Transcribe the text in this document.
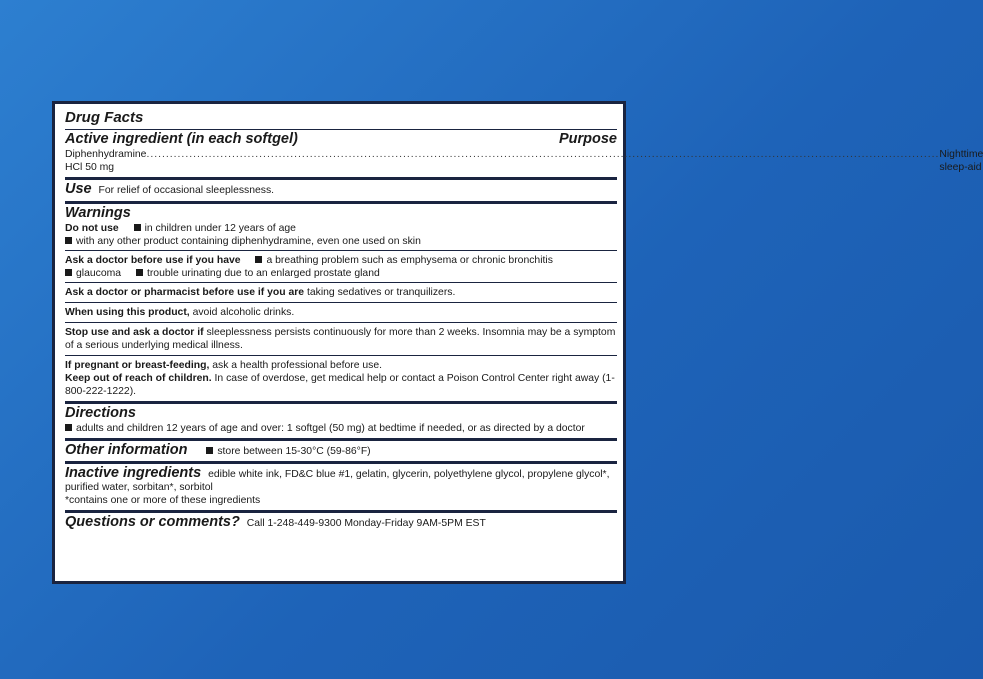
Drug Facts
Active ingredient (in each softgel)	Purpose
Diphenhydramine HCl 50 mg
............................................................................................................................................................................................................ Nighttime sleep-aid
Use For relief of occasional sleeplessness.
Warnings
Do not use in children under 12 years of age
with any other product containing diphenhydramine, even one used on skin
Ask a doctor before use if you have a breathing problem such as emphysema or chronic bronchitis
glaucoma trouble urinating due to an enlarged prostate gland
Ask a doctor or pharmacist before use if you are taking sedatives or tranquilizers.
When using this product, avoid alcoholic drinks.
Stop use and ask a doctor if sleeplessness persists continuously for more than 2 weeks. Insomnia may be a symptom of a serious underlying medical illness.
If pregnant or breast-feeding, ask a health professional before use.
Keep out of reach of children. In case of overdose, get medical help or contact a Poison Control Center right away (1-800-222-1222).
Directions
adults and children 12 years of age and over: 1 softgel (50 mg) at bedtime if needed, or as directed by a doctor
Other information	store between 15-30°C (59-86°F)
Inactive ingredients edible white ink, FD&C blue #1, gelatin, glycerin, polyethylene glycol, propylene glycol*, purified water, sorbitan*, sorbitol
*contains one or more of these ingredients
Questions or comments? Call 1-248-449-9300 Monday-Friday 9AM-5PM EST
